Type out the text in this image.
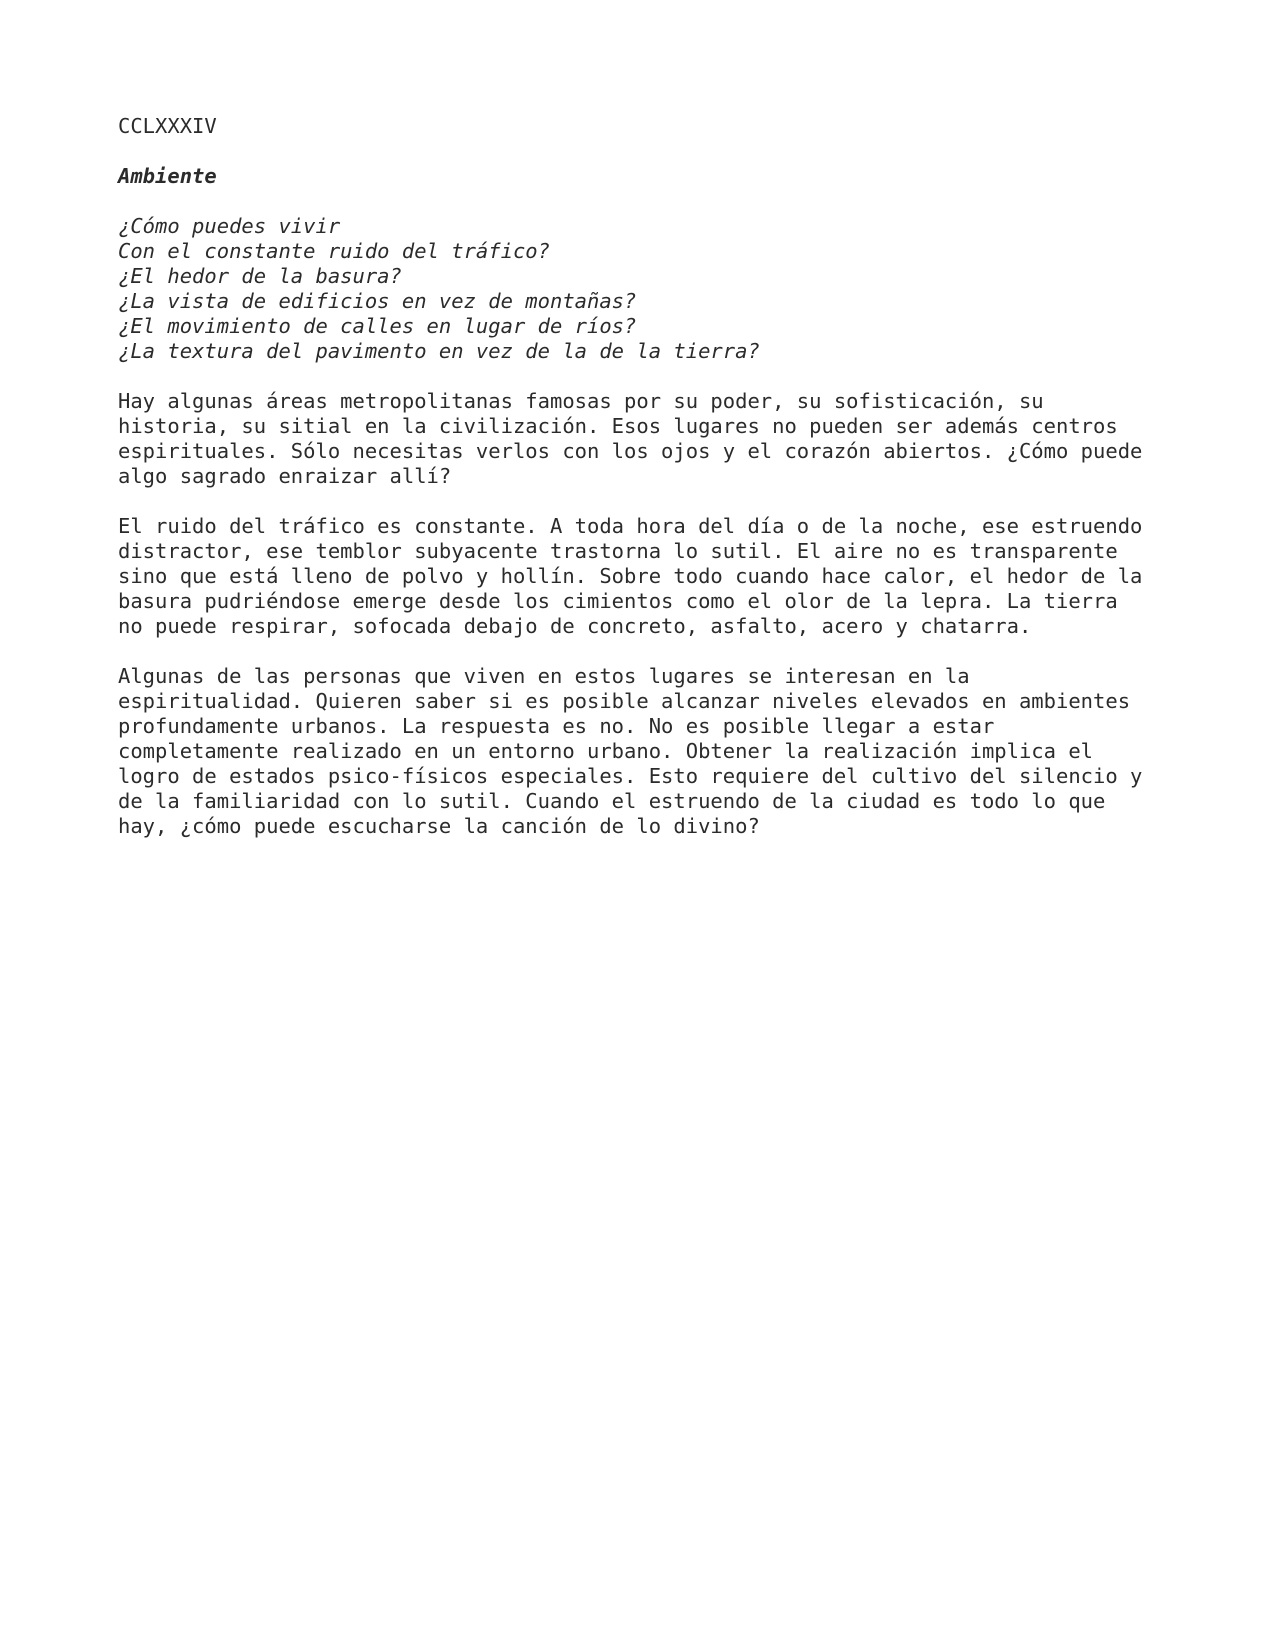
CCLXXXIV
Ambiente
¿Cómo puedes vivir
Con el constante ruido del tráfico?
¿El hedor de la basura?
¿La vista de edificios en vez de montañas?
¿El movimiento de calles en lugar de ríos?
¿La textura del pavimento en vez de la de la tierra?
Hay algunas áreas metropolitanas famosas por su poder, su sofisticación, su
historia, su sitial en la civilización. Esos lugares no pueden ser además centros
espirituales. Sólo necesitas verlos con los ojos y el corazón abiertos. ¿Cómo puede
algo sagrado enraizar allí?
El ruido del tráfico es constante. A toda hora del día o de la noche, ese estruendo
distractor, ese temblor subyacente trastorna lo sutil. El aire no es transparente
sino que está lleno de polvo y hollín. Sobre todo cuando hace calor, el hedor de la
basura pudriéndose emerge desde los cimientos como el olor de la lepra. La tierra
no puede respirar, sofocada debajo de concreto, asfalto, acero y chatarra.
Algunas de las personas que viven en estos lugares se interesan en la
espiritualidad. Quieren saber si es posible alcanzar niveles elevados en ambientes
profundamente urbanos. La respuesta es no. No es posible llegar a estar
completamente realizado en un entorno urbano. Obtener la realización implica el
logro de estados psico-físicos especiales. Esto requiere del cultivo del silencio y
de la familiaridad con lo sutil. Cuando el estruendo de la ciudad es todo lo que
hay, ¿cómo puede escucharse la canción de lo divino?
